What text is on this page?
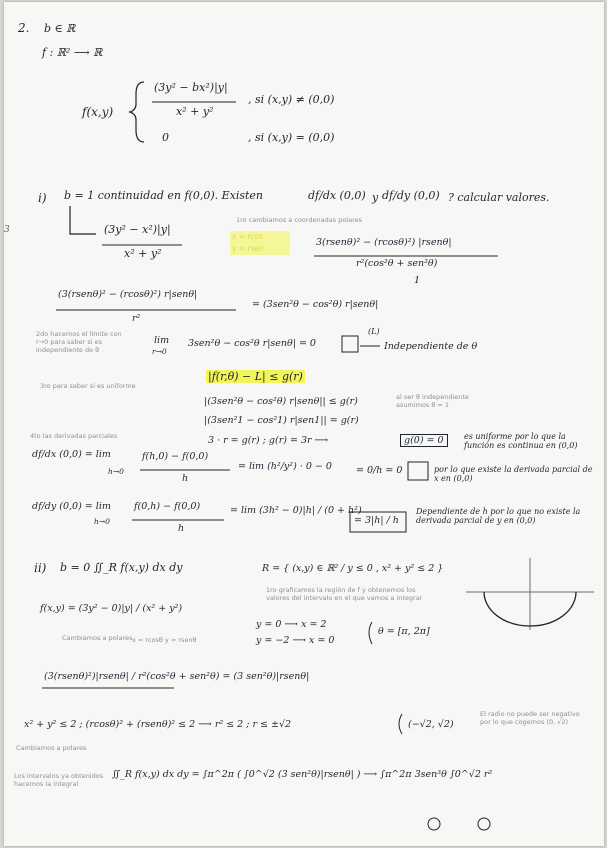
2. b ∈ ℝ
f : ℝ² ⟶ ℝ
f(x,y)
(3y² − bx²)|y|
x² + y²
, si (x,y) ≠ (0,0)
0	, si (x,y) = (0,0)
3
i) b = 1 continuidad en f(0,0). Existen	df/dx (0,0) y df/dy (0,0) ? calcular valores.
(3y² − x²)|y|
x² + y²
1ro cambiamos a coordenadas polares
3(rsenθ)² − (rcosθ)²) |rsenθ|
r²(cos²θ + sen²θ)
1
(3(rsenθ)² − (rcosθ)²) r|senθ|
r²
= (3sen²θ − cos²θ) r|senθ|
2do hacemos el límite con r→0 para saber si es independiente de θ
lim
r→0
3sen²θ − cos²θ r|senθ| = 0
(L)
Independiente de θ
3ro para saber si es uniforme
|f(r,θ) − L| ≤ g(r)
|(3sen²θ − cos²θ) r|senθ|| ≤ g(r)	al ser θ independiente asumimos θ = 1
|(3sen²1 − cos²1) r|sen1|| = g(r)
3 · r = g(r) ; g(r) = 3r ⟶	g(0) = 0	es uniforme por lo que la función es continua en (0,0)
4to las derivadas parciales
df/dx (0,0) = lim
h→0
f(h,0) − f(0,0)
h
= lim (h²/y²) · 0 − 0	= 0/h = 0	por lo que existe la derivada parcial de x en (0,0)
df/dy (0,0) = lim
h→0
f(0,h) − f(0,0)
h
= lim (3h² − 0)|h| / (0 + h²)
= 3|h| / h
Dependiente de h por lo que no existe la derivada parcial de y en (0,0)
ii) b = 0 ∬_R f(x,y) dx dy	R = { (x,y) ∈ ℝ² / y ≤ 0 , x² + y² ≤ 2 }
1ro graficamos la región de f y obtenemos los valores del intervalo en el que vamos a integrar
f(x,y) = (3y² − 0)|y| / (x² + y²)
Cambiamos a polares x = rcosθ y = rsenθ
y = 0 ⟶ x = 2
y = −2 ⟶ x = 0
θ = [π, 2π]
(3(rsenθ)²)|rsenθ| / r²(cos²θ + sen²θ) = (3 sen²θ)|rsenθ|
x² + y² ≤ 2 ; (rcosθ)² + (rsenθ)² ≤ 2 ⟶ r² ≤ 2 ; r ≤ ±√2	(−√2, √2)
El radio no puede ser negativo por lo que cogemos (0, √2)
Cambiamos a polares
Los intervalos ya obtenidos hacemos la integral
∬_R f(x,y) dx dy = ∫π^2π ( ∫0^√2 (3 sen²θ)|rsenθ| ) ⟶ ∫π^2π 3sen³θ ∫0^√2 r²
